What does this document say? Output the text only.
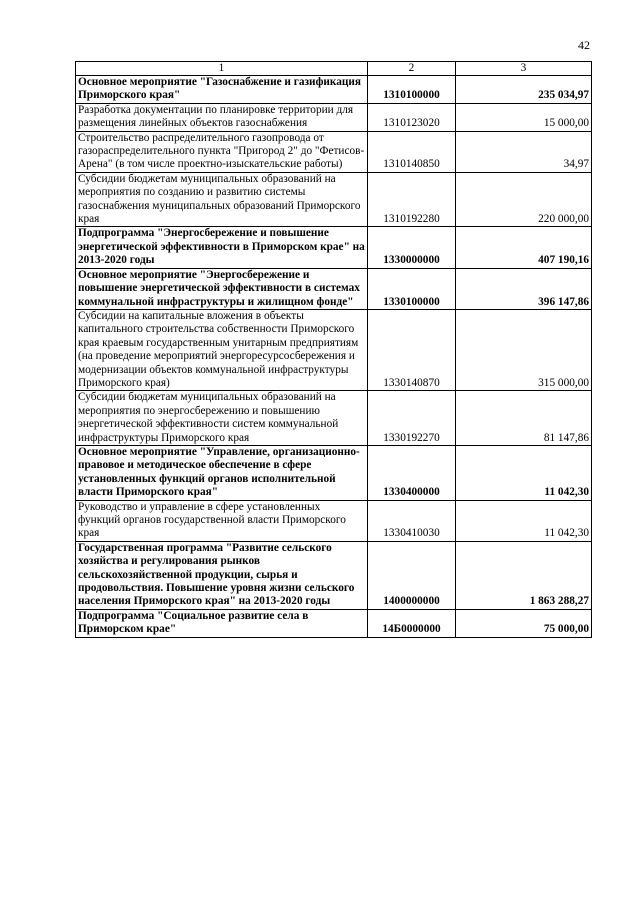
42
1	2	3
Основное мероприятие "Газоснабжение и газификация Приморского края"	1310100000	235 034,97
Разработка документации по планировке территории для размещения линейных объектов газоснабжения	1310123020	15 000,00
Строительство распределительного газопровода от газораспределительного пункта "Пригород 2" до "Фетисов-Арена" (в том числе проектно-изыскательские работы)	1310140850	34,97
Субсидии бюджетам муниципальных образований на мероприятия по созданию и развитию системы газоснабжения муниципальных образований Приморского края	1310192280	220 000,00
Подпрограмма "Энергосбережение и повышение энергетической эффективности в Приморском крае" на 2013-2020 годы	1330000000	407 190,16
Основное мероприятие "Энергосбережение и повышение энергетической эффективности в системах коммунальной инфраструктуры и жилищном фонде"	1330100000	396 147,86
Субсидии на капитальные вложения в объекты капитального строительства собственности Приморского края краевым государственным унитарным предприятиям (на проведение мероприятий энергоресурсосбережения и модернизации объектов коммунальной инфраструктуры Приморского края)	1330140870	315 000,00
Субсидии бюджетам муниципальных образований на мероприятия по энергосбережению и повышению энергетической эффективности систем коммунальной инфраструктуры Приморского края	1330192270	81 147,86
Основное мероприятие "Управление, организационно-правовое и методическое обеспечение в сфере установленных функций органов исполнительной власти Приморского края"	1330400000	11 042,30
Руководство и управление в сфере установленных функций органов государственной власти Приморского края	1330410030	11 042,30
Государственная программа "Развитие сельского хозяйства и регулирования рынков сельскохозяйственной продукции, сырья и продовольствия. Повышение уровня жизни сельского населения Приморского края" на 2013-2020 годы	1400000000	1 863 288,27
Подпрограмма "Социальное развитие села в Приморском крае"	14Б0000000	75 000,00
